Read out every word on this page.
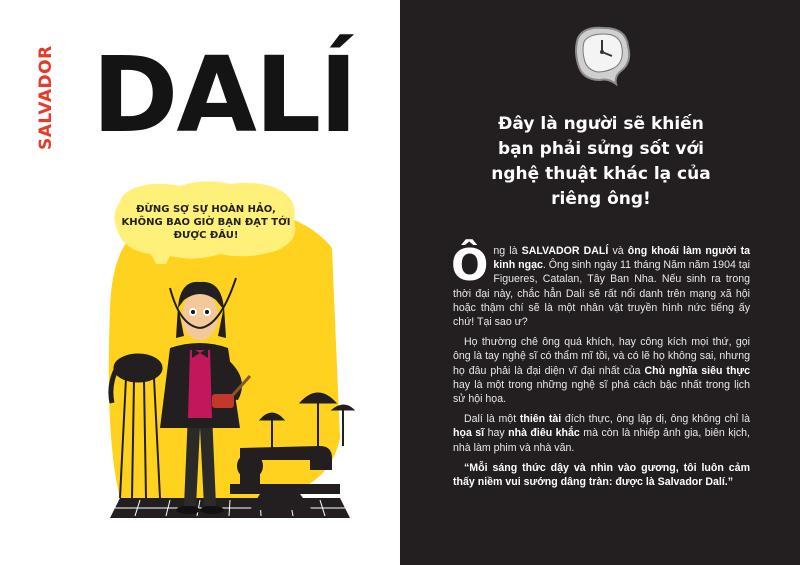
SALVADOR DALÍ
ĐỪNG SỢ SỰ HOÀN HẢO, KHÔNG BAO GIỜ BẠN ĐẠT TỚI ĐƯỢC ĐÂU!
Đây là người sẽ khiến
bạn phải sửng sốt với
nghệ thuật khác lạ của
riêng ông!

Ông là SALVADOR DALÍ và ông khoái làm người ta kinh ngạc. Ông sinh ngày 11 tháng Năm năm 1904 tại Figueres, Catalan, Tây Ban Nha. Nếu sinh ra trong thời đại này, chắc hẳn Dalí sẽ rất nổi danh trên mạng xã hội hoặc thậm chí sẽ là một nhân vật truyền hình nức tiếng ấy chứ! Tại sao ư?

Họ thường chê ông quá khích, hay công kích mọi thứ, gọi ông là tay nghệ sĩ có thẩm mĩ tồi, và có lẽ họ không sai, nhưng họ đâu phải là đại diện vĩ đại nhất của Chủ nghĩa siêu thực hay là một trong những nghệ sĩ phá cách bậc nhất trong lịch sử hội họa.

Dalí là một thiên tài đích thực, ông lập dị, ông không chỉ là họa sĩ hay nhà điêu khắc mà còn là nhiếp ảnh gia, biên kịch, nhà làm phim và nhà văn.

“Mỗi sáng thức dậy và nhìn vào gương, tôi luôn cảm thấy niềm vui sướng dâng tràn: được là Salvador Dalí.”
